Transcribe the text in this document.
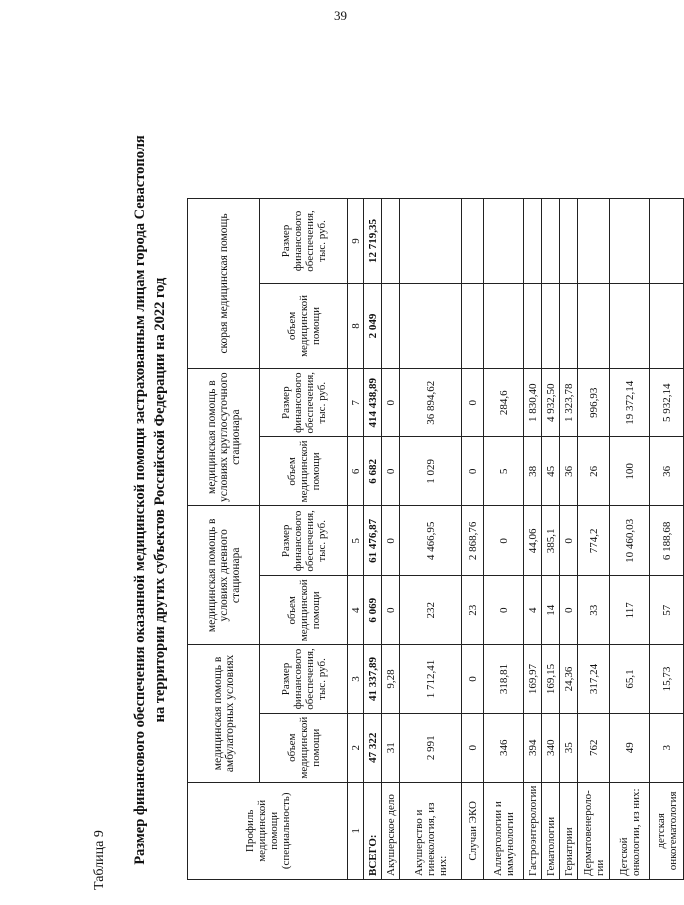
39
Таблица 9 Размер финансового обеспечения оказанной медицинской помощи застрахованным лицам города Севастополя на территории других субъектов Российской Федерации на 2022 год
Профиль медицинской помощи (специальность)	медицинская помощь в амбулаторных условиях		медицинская помощь в условиях дневного стационара		медицинская помощь в условиях круглосуточного стационара		скорая медицинская помощь	
	объем медицинской помощи	Размер финансового обеспечения, тыс. руб.	объем медицинской помощи	Размер финансового обеспечения, тыс. руб.	объем медицинской помощи	Размер финансового обеспечения, тыс. руб.	объем медицинской помощи	Размер финансового обеспечения, тыс. руб.
1	2	3	4	5	6	7	8	9
ВСЕГО:	47 322	41 337,89	6 069	61 476,87	6 682	414 438,89	2 049	12 719,35
Акушерское дело	31	9,28	0	0	0	0		
Акушерство и гинекология, из них:	2 991	1 712,41	232	4 466,95	1 029	36 894,62		
Случаи ЭКО	0	0	23	2 868,76	0	0		
Аллергологии и иммунологии	346	318,81	0	0	5	284,6		
Гастроэнтерологии	394	169,97	4	44,06	38	1 830,40		
Гематологии	340	169,15	14	385,1	45	4 932,50		
Гериатрии	35	24,36	0	0	36	1 323,78		
Дерматовенероло-гии	762	317,24	33	774,2	26	996,93		
Детской онкологии, из них:	49	65,1	117	10 460,03	100	19 372,14		
детская онкогематология	3	15,73	57	6 188,68	36	5 932,14		
